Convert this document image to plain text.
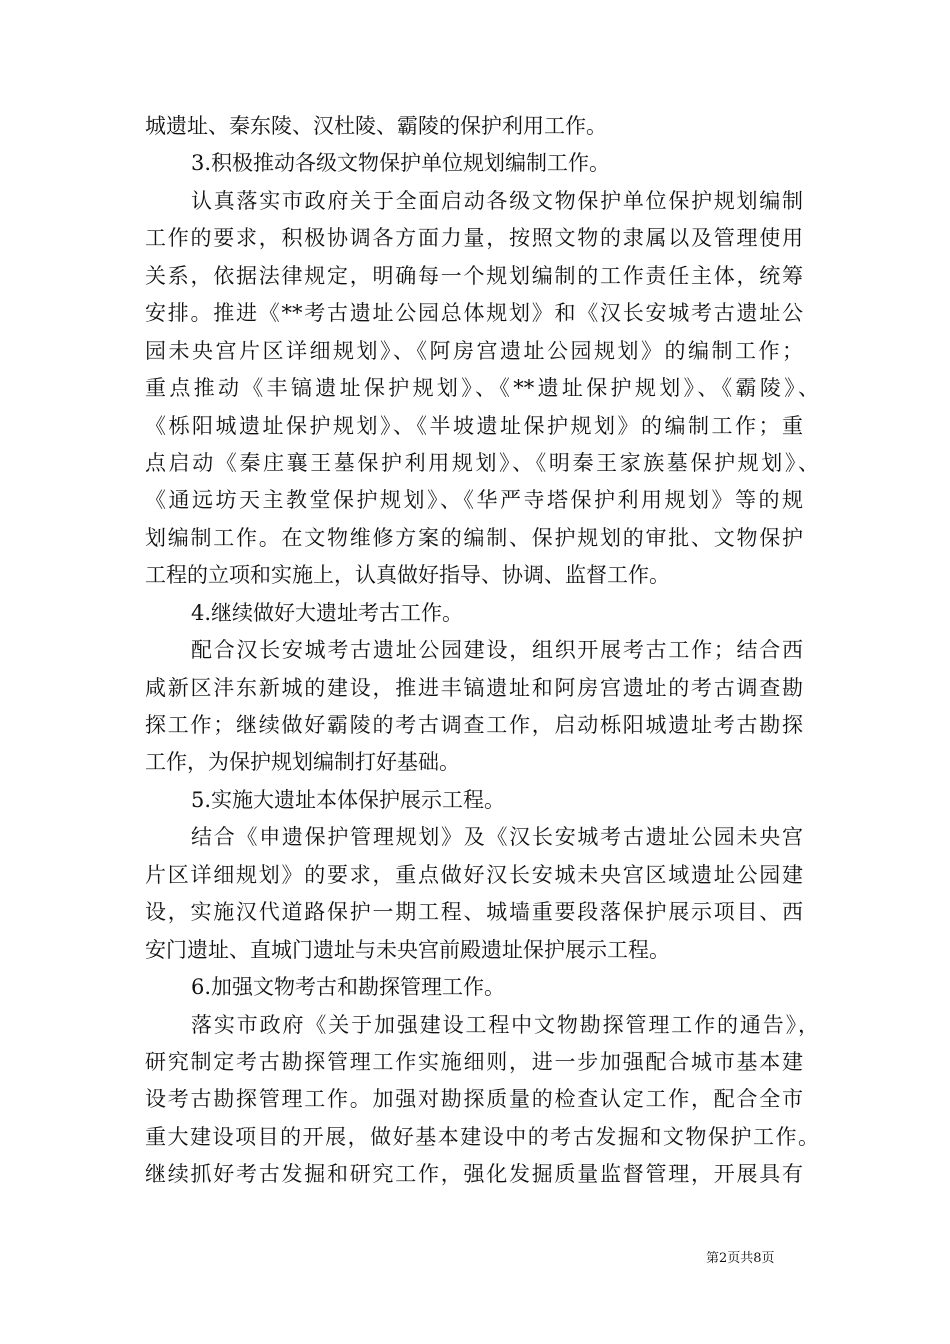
城遗址、秦东陵、汉杜陵、霸陵的保护利用工作。
3.积极推动各级文物保护单位规划编制工作。
认真落实市政府关于全面启动各级文物保护单位保护规划编制
工作的要求，积极协调各方面力量，按照文物的隶属以及管理使用
关系，依据法律规定，明确每一个规划编制的工作责任主体，统筹
安排。推进《**考古遗址公园总体规划》和《汉长安城考古遗址公
园未央宫片区详细规划》、《阿房宫遗址公园规划》的编制工作；
重点推动《丰镐遗址保护规划》、《**遗址保护规划》、《霸陵》、
《栎阳城遗址保护规划》、《半坡遗址保护规划》的编制工作；重
点启动《秦庄襄王墓保护利用规划》、《明秦王家族墓保护规划》、
《通远坊天主教堂保护规划》、《华严寺塔保护利用规划》等的规
划编制工作。在文物维修方案的编制、保护规划的审批、文物保护
工程的立项和实施上，认真做好指导、协调、监督工作。
4.继续做好大遗址考古工作。
配合汉长安城考古遗址公园建设，组织开展考古工作；结合西
咸新区沣东新城的建设，推进丰镐遗址和阿房宫遗址的考古调查勘
探工作；继续做好霸陵的考古调查工作，启动栎阳城遗址考古勘探
工作，为保护规划编制打好基础。
5.实施大遗址本体保护展示工程。
结合《申遗保护管理规划》及《汉长安城考古遗址公园未央宫
片区详细规划》的要求，重点做好汉长安城未央宫区域遗址公园建
设，实施汉代道路保护一期工程、城墙重要段落保护展示项目、西
安门遗址、直城门遗址与未央宫前殿遗址保护展示工程。
6.加强文物考古和勘探管理工作。
落实市政府《关于加强建设工程中文物勘探管理工作的通告》，
研究制定考古勘探管理工作实施细则，进一步加强配合城市基本建
设考古勘探管理工作。加强对勘探质量的检查认定工作，配合全市
重大建设项目的开展，做好基本建设中的考古发掘和文物保护工作。
继续抓好考古发掘和研究工作，强化发掘质量监督管理，开展具有
第2页共8页
